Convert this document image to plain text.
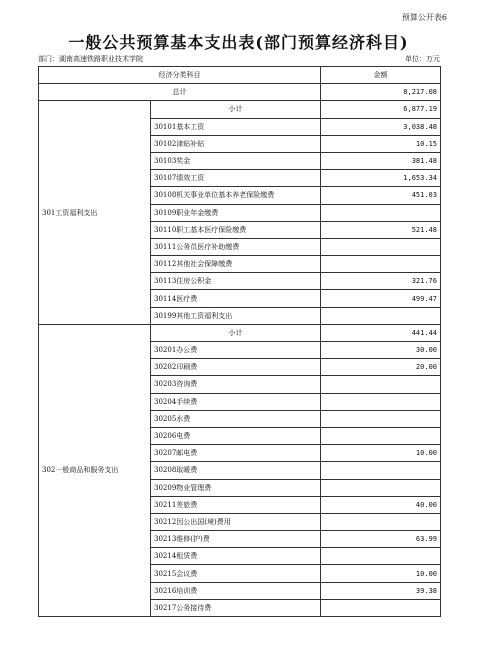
预算公开表6
一般公共预算基本支出表(部门预算经济科目)
部门：湖南高速铁路职业技术学院	单位：万元
经济分类科目		金额
总计		8,217.08
301工资福利支出	小计	6,877.19
	30101基本工资	3,038.48
	30102津贴补贴	10.15
	30103奖金	381.48
	30107绩效工资	1,653.34
	30108机关事业单位基本养老保险缴费	451.03
	30109职业年金缴费	
	30110职工基本医疗保险缴费	521.48
	30111公务员医疗补助缴费	
	30112其他社会保障缴费	
	30113住房公积金	321.76
	30114医疗费	499.47
	30199其他工资福利支出	
302一般商品和服务支出	小计	441.44
	30201办公费	30.00
	30202印刷费	20.00
	30203咨询费	
	30204手续费	
	30205水费	
	30206电费	
	30207邮电费	10.00
	30208取暖费	
	30209物业管理费	
	30211差旅费	40.00
	30212因公出国(境)费用	
	30213维修(护)费	63.99
	30214租赁费	
	30215会议费	10.00
	30216培训费	39.38
	30217公务接待费	
